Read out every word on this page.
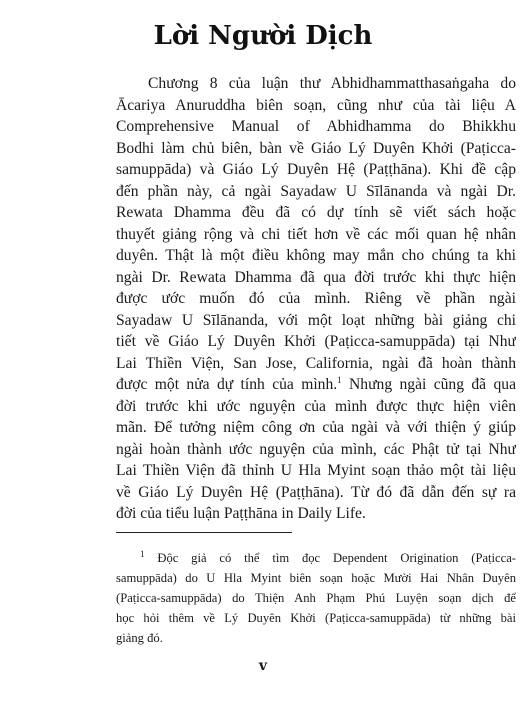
Lời Người Dịch
Chương 8 của luận thư Abhidhammatthasaṅgaha do
Ācariya Anuruddha biên soạn, cũng như của tài liệu A
Comprehensive Manual of Abhidhamma do Bhikkhu
Bodhi làm chủ biên, bàn về Giáo Lý Duyên Khởi (Paṭicca-
samuppāda) và Giáo Lý Duyên Hệ (Paṭṭhāna). Khi đề cập
đến phần này, cả ngài Sayadaw U Sīlānanda và ngài Dr.
Rewata Dhamma đều đã có dự tính sẽ viết sách hoặc
thuyết giảng rộng và chi tiết hơn về các mối quan hệ nhân
duyên. Thật là một điều không may mắn cho chúng ta khi
ngài Dr. Rewata Dhamma đã qua đời trước khi thực hiện
được ước muốn đó của mình. Riêng về phần ngài
Sayadaw U Sīlānanda, với một loạt những bài giảng chi
tiết về Giáo Lý Duyên Khởi (Paṭicca-samuppāda) tại Như
Lai Thiền Viện, San Jose, California, ngài đã hoàn thành
được một nửa dự tính của mình.$^1$ Nhưng ngài cũng đã qua
đời trước khi ước nguyện của mình được thực hiện viên
mãn. Để tưởng niệm công ơn của ngài và với thiện ý giúp
ngài hoàn thành ước nguyện của mình, các Phật tử tại Như
Lai Thiền Viện đã thỉnh U Hla Myint soạn thảo một tài liệu
về Giáo Lý Duyên Hệ (Paṭṭhāna). Từ đó đã dẫn đến sự ra
đời của tiểu luận Paṭṭhāna in Daily Life.
$^1$ Độc giả có thể tìm đọc Dependent Origination (Paṭicca-
samuppāda) do U Hla Myint biên soạn hoặc Mười Hai Nhân Duyên
(Paṭicca-samuppāda) do Thiện Anh Phạm Phú Luyện soạn dịch để
học hỏi thêm về Lý Duyên Khởi (Paṭicca-samuppāda) từ những bài
giảng đó.
v
